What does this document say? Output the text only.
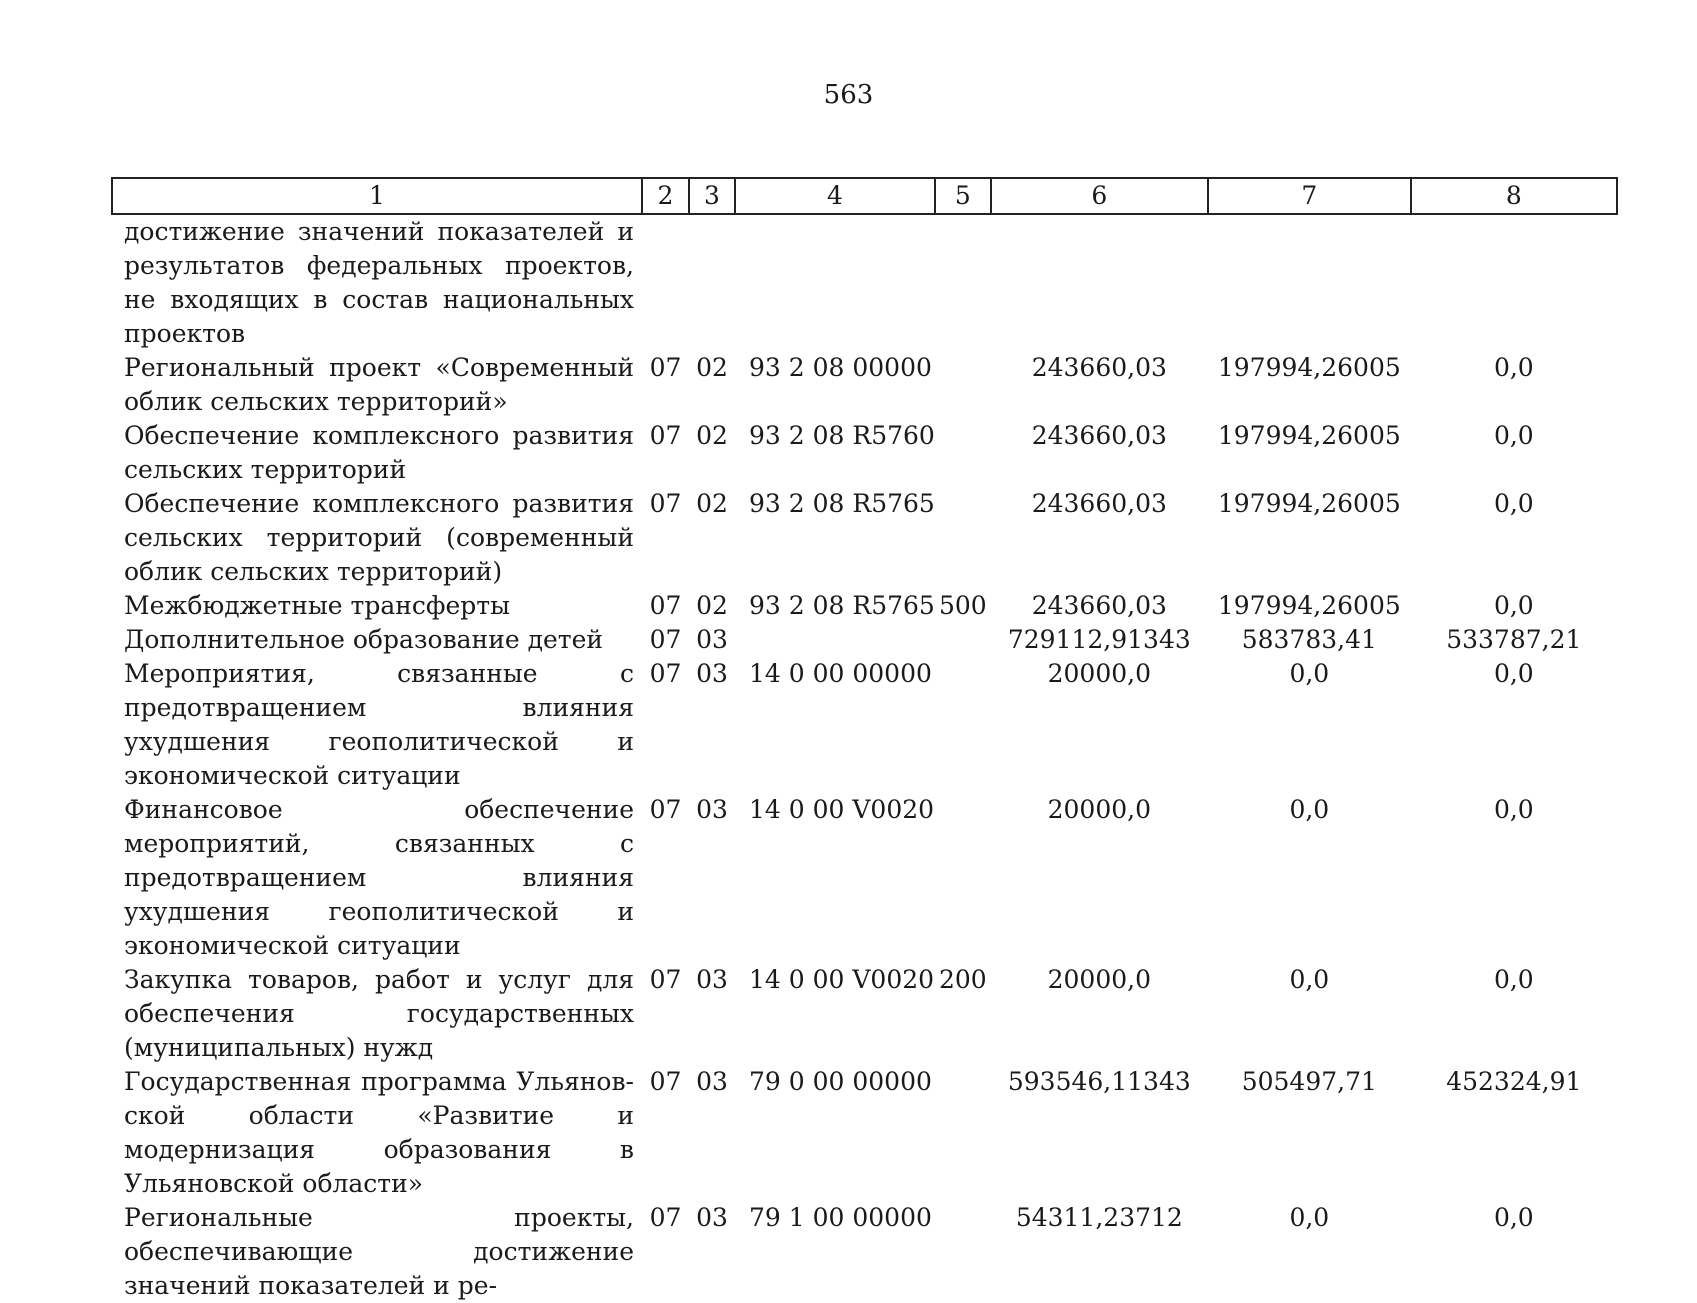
563
1	2	3	4	5	6	7	8
достижение значений показателей и результатов федеральных проектов, не входящих в состав национальных проектов							
Региональный проект «Современный облик сельских территорий»	07	02	93 2 08 00000		243660,03	197994,26005	0,0
Обеспечение комплексного развития сельских территорий	07	02	93 2 08 R5760		243660,03	197994,26005	0,0
Обеспечение комплексного развития сельских территорий (современный облик сельских территорий)	07	02	93 2 08 R5765		243660,03	197994,26005	0,0
Межбюджетные трансферты	07	02	93 2 08 R5765	500	243660,03	197994,26005	0,0
Дополнительное образование детей	07	03			729112,91343	583783,41	533787,21
Мероприятия, связанные с предотвращением влияния ухудшения геополитической и экономической ситуации	07	03	14 0 00 00000		20000,0	0,0	0,0
Финансовое обеспечение мероприятий, связанных с предотвращением влияния ухудшения геополитической и экономической ситуации	07	03	14 0 00 V0020		20000,0	0,0	0,0
Закупка товаров, работ и услуг для обеспечения государственных (муниципальных) нужд	07	03	14 0 00 V0020	200	20000,0	0,0	0,0
Государственная программа Ульяновской области «Развитие и модернизация образования в Ульяновской области»	07	03	79 0 00 00000		593546,11343	505497,71	452324,91
Региональные проекты, обеспечивающие достижение значений показателей и ре-	07	03	79 1 00 00000		54311,23712	0,0	0,0
